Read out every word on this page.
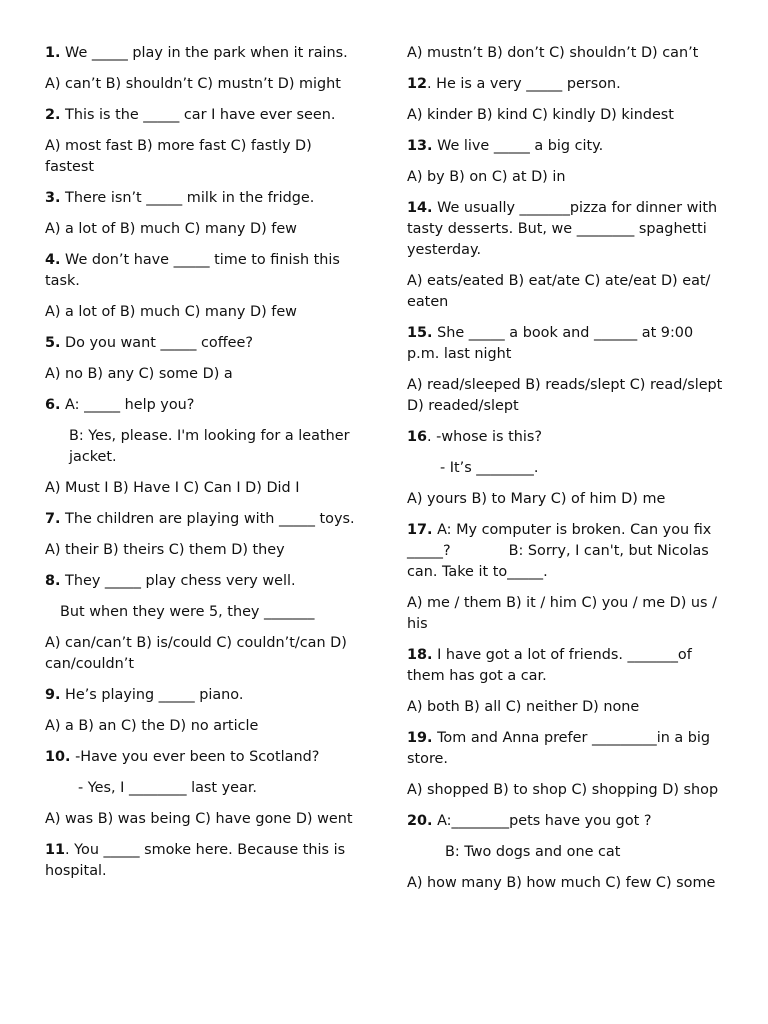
1. We _____ play in the park when it rains.

A) can’t B) shouldn’t C) mustn’t D) might

2. This is the _____ car I have ever seen.

A) most fast B) more fast C) fastly D) fastest

3. There isn’t _____ milk in the fridge.

A) a lot of B) much C) many D) few

4. We don’t have _____ time to finish this task.

A) a lot of B) much C) many D) few

5. Do you want _____ coffee?

A) no B) any C) some D) a

6. A: _____ help you?

B: Yes, please. I'm looking for a leather jacket.

A) Must I B) Have I C) Can I D) Did I

7. The children are playing with _____ toys.

A) their B) theirs C) them D) they

8. They _____ play chess very well.

But when they were 5, they _______

A) can/can’t B) is/could C) couldn’t/can D) can/couldn’t

9. He’s playing _____ piano.

A) a B) an C) the D) no article

10. -Have you ever been to Scotland?

- Yes, I ________ last year.

A) was B) was being C) have gone D) went

11. You _____ smoke here. Because this is hospital.

A) mustn’t B) don’t C) shouldn’t D) can’t

12. He is a very _____ person.

A) kinder B) kind C) kindly D) kindest

13. We live _____ a big city.

A) by B) on C) at D) in

14. We usually _______pizza for dinner with tasty desserts. But, we ________ spaghetti yesterday.

A) eats/eated B) eat/ate C) ate/eat D) eat/ eaten

15. She _____ a book and ______ at 9:00 p.m. last night

A) read/sleeped B) reads/slept C) read/slept D) readed/slept

16. -whose is this?

- It’s ________.

A) yours B) to Mary C) of him D) me

17. A: My computer is broken. Can you fix _____?	B: Sorry, I can't, but Nicolas can. Take it to_____.

A) me / them B) it / him C) you / me D) us / his

18. I have got a lot of friends. _______of them has got a car.

A) both B) all C) neither D) none

19. Tom and Anna prefer _________in a big store.

A) shopped B) to shop C) shopping D) shop

20. A:________pets have you got ?

B: Two dogs and one cat

A) how many B) how much C) few C) some
